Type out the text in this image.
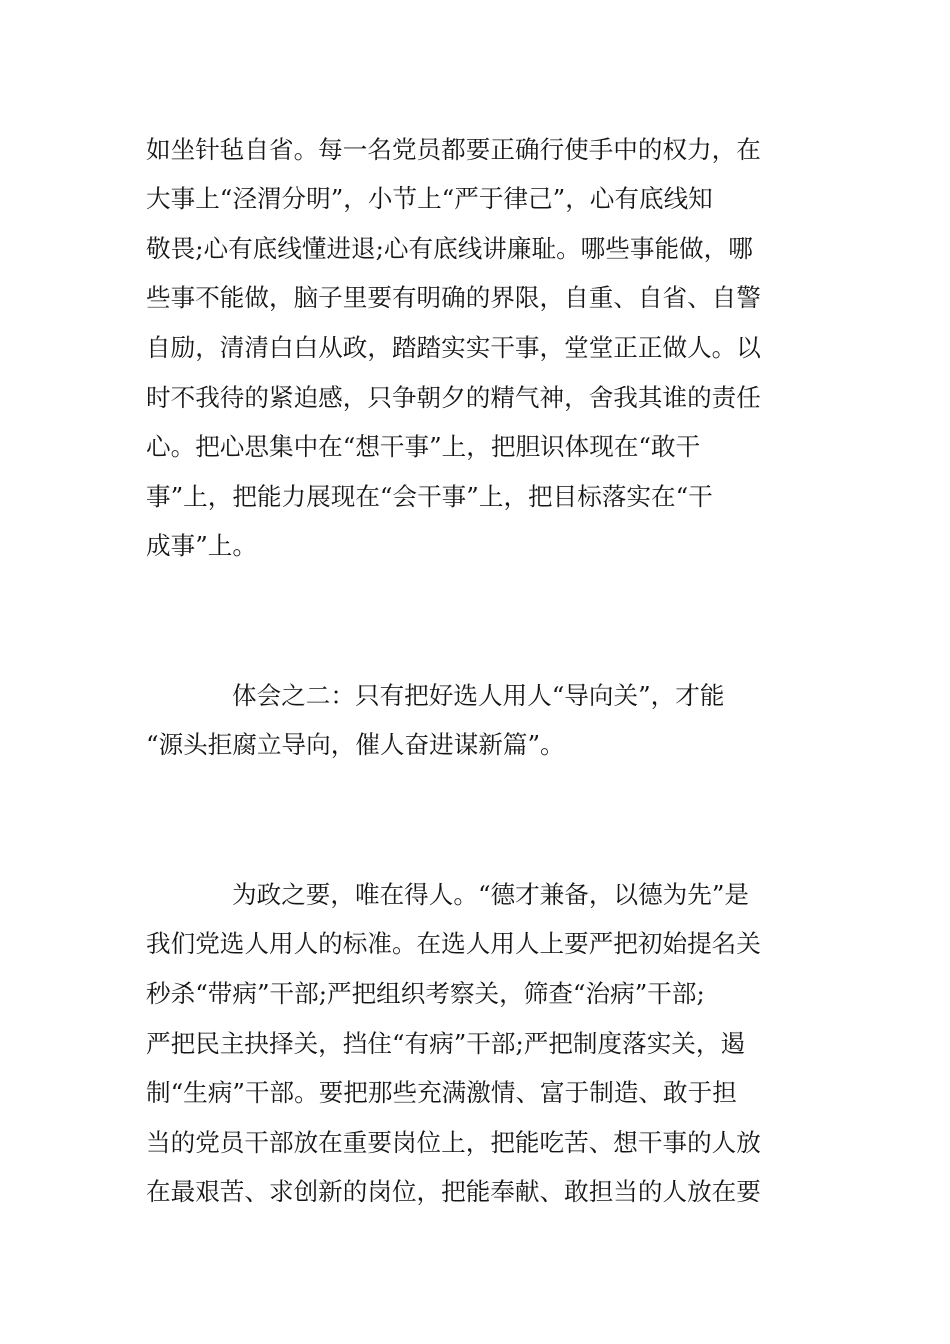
如坐针毡自省。每一名党员都要正确行使手中的权力，在
大事上“泾渭分明”，小节上“严于律己”，心有底线知
敬畏;心有底线懂进退;心有底线讲廉耻。哪些事能做，哪
些事不能做，脑子里要有明确的界限，自重、自省、自警
自励，清清白白从政，踏踏实实干事，堂堂正正做人。以
时不我待的紧迫感，只争朝夕的精气神，舍我其谁的责任
心。把心思集中在“想干事”上，把胆识体现在“敢干
事”上，把能力展现在“会干事”上，把目标落实在“干
成事”上。
体会之二：只有把好选人用人“导向关”，才能
“源头拒腐立导向，催人奋进谋新篇”。
为政之要，唯在得人。“德才兼备，以德为先”是
我们党选人用人的标准。在选人用人上要严把初始提名关
秒杀“带病”干部;严把组织考察关，筛查“治病”干部;
严把民主抉择关，挡住“有病”干部;严把制度落实关，遏
制“生病”干部。要把那些充满激情、富于制造、敢于担
当的党员干部放在重要岗位上，把能吃苦、想干事的人放
在最艰苦、求创新的岗位，把能奉献、敢担当的人放在要
